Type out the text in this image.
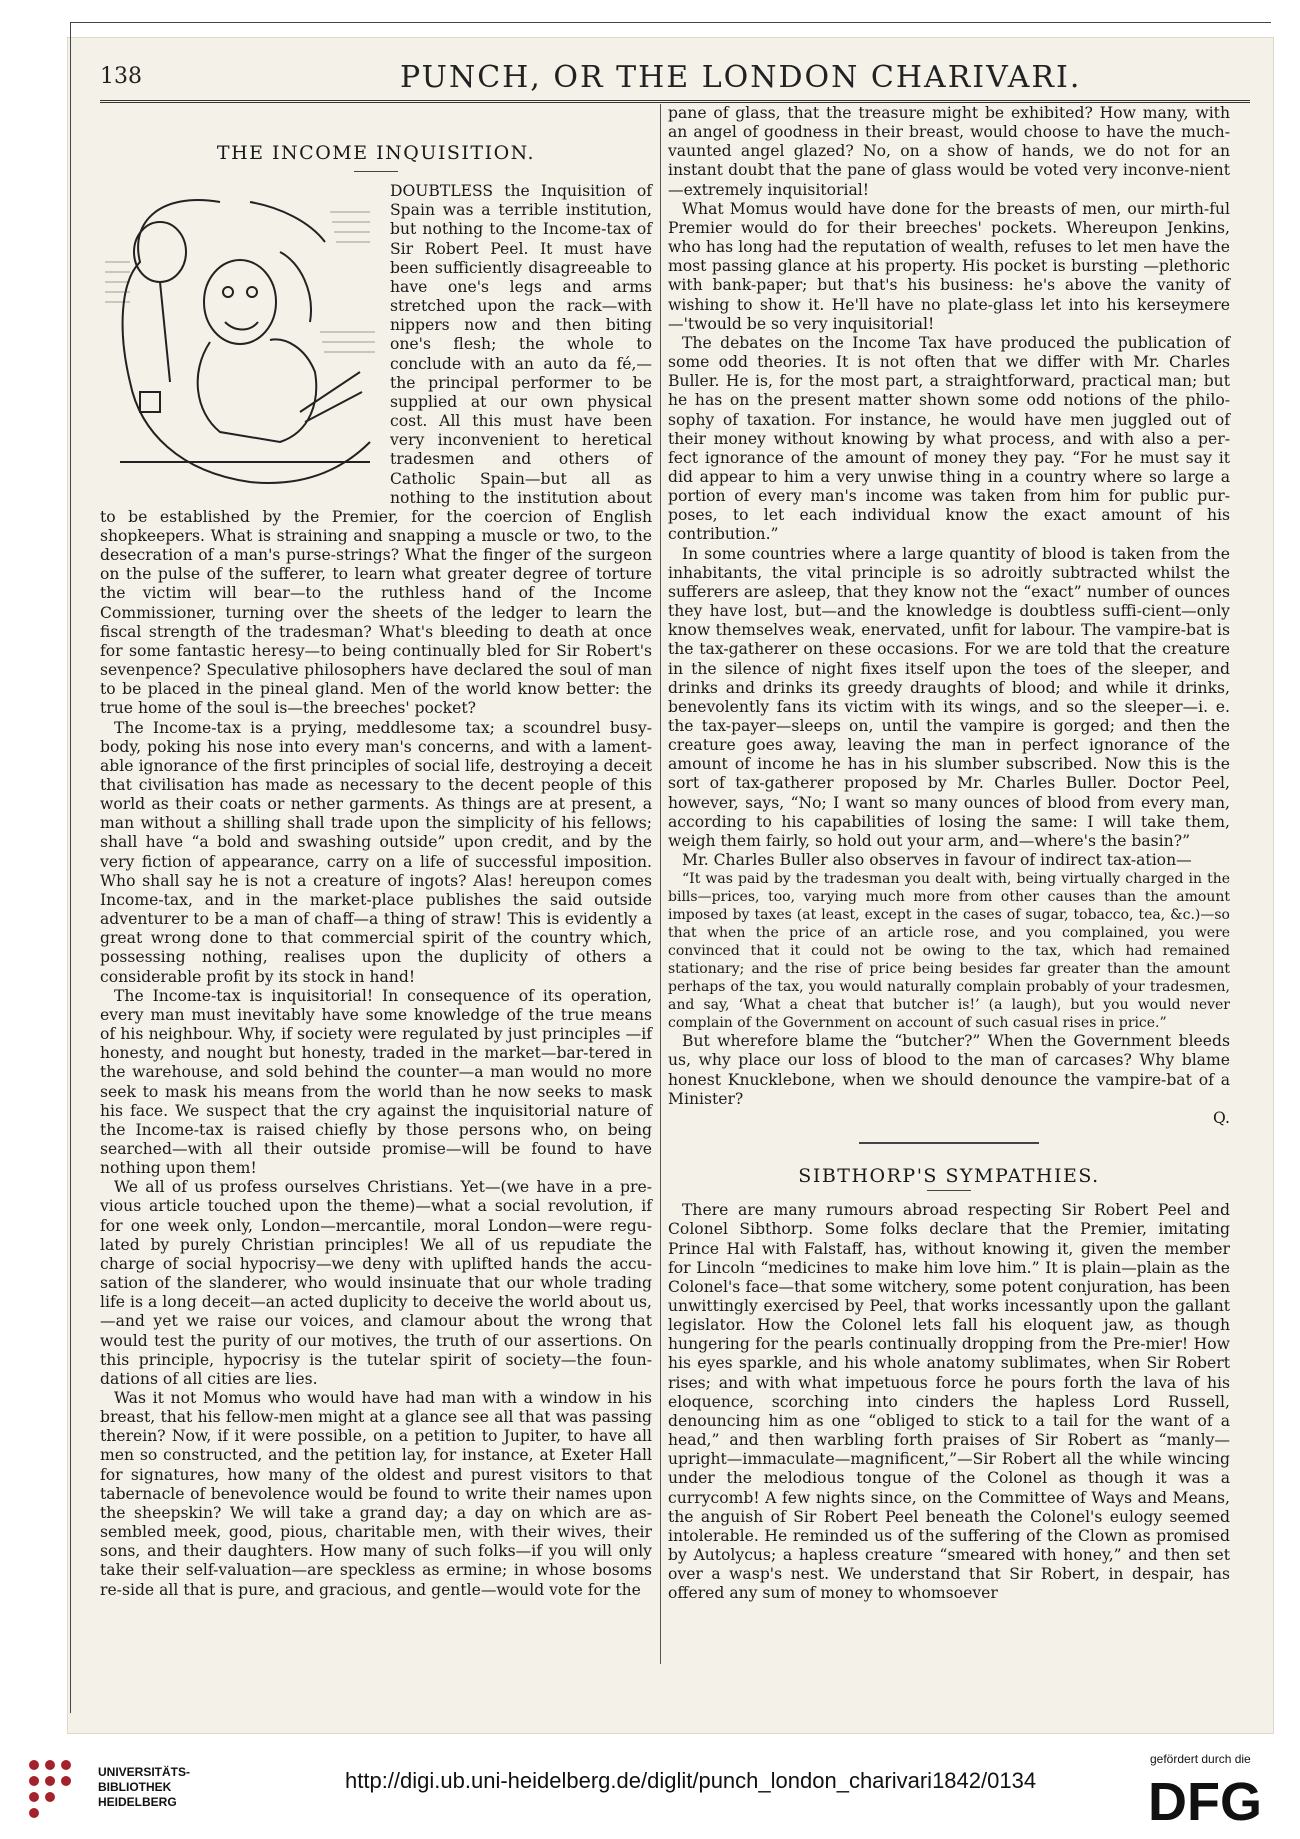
138	PUNCH, OR THE LONDON CHARIVARI.
THE INCOME INQUISITION.

DOUBTLESS the Inquisition of Spain was a terrible institution, but nothing to the Income-tax of Sir Robert Peel. It must have been sufficiently disagreeable to have one's legs and arms stretched upon the rack—with nippers now and then biting one's flesh; the whole to conclude with an auto da fé,—the principal performer to be supplied at our own physical cost. All this must have been very inconvenient to heretical tradesmen and others of Catholic Spain—but all as nothing to the institution about to be established by the Premier, for the coercion of English shopkeepers. What is straining and snapping a muscle or two, to the desecration of a man's purse-strings? What the finger of the surgeon on the pulse of the sufferer, to learn what greater degree of torture the victim will bear—to the ruthless hand of the Income Commissioner, turning over the sheets of the ledger to learn the fiscal strength of the tradesman? What's bleeding to death at once for some fantastic heresy—to being continually bled for Sir Robert's sevenpence? Speculative philosophers have declared the soul of man to be placed in the pineal gland. Men of the world know better: the true home of the soul is—the breeches' pocket?

The Income-tax is a prying, meddlesome tax; a scoundrel busy-body, poking his nose into every man's concerns, and with a lament-able ignorance of the first principles of social life, destroying a deceit that civilisation has made as necessary to the decent people of this world as their coats or nether garments. As things are at present, a man without a shilling shall trade upon the simplicity of his fellows; shall have “a bold and swashing outside” upon credit, and by the very fiction of appearance, carry on a life of successful imposition. Who shall say he is not a creature of ingots? Alas! hereupon comes Income-tax, and in the market-place publishes the said outside adventurer to be a man of chaff—a thing of straw! This is evidently a great wrong done to that commercial spirit of the country which, possessing nothing, realises upon the duplicity of others a considerable profit by its stock in hand!

The Income-tax is inquisitorial! In consequence of its operation, every man must inevitably have some knowledge of the true means of his neighbour. Why, if society were regulated by just principles —if honesty, and nought but honesty, traded in the market—bar-tered in the warehouse, and sold behind the counter—a man would no more seek to mask his means from the world than he now seeks to mask his face. We suspect that the cry against the inquisitorial nature of the Income-tax is raised chiefly by those persons who, on being searched—with all their outside promise—will be found to have nothing upon them!

We all of us profess ourselves Christians. Yet—(we have in a pre-vious article touched upon the theme)—what a social revolution, if for one week only, London—mercantile, moral London—were regu-lated by purely Christian principles! We all of us repudiate the charge of social hypocrisy—we deny with uplifted hands the accu-sation of the slanderer, who would insinuate that our whole trading life is a long deceit—an acted duplicity to deceive the world about us,—and yet we raise our voices, and clamour about the wrong that would test the purity of our motives, the truth of our assertions. On this principle, hypocrisy is the tutelar spirit of society—the foun-dations of all cities are lies.

Was it not Momus who would have had man with a window in his breast, that his fellow-men might at a glance see all that was passing therein? Now, if it were possible, on a petition to Jupiter, to have all men so constructed, and the petition lay, for instance, at Exeter Hall for signatures, how many of the oldest and purest visitors to that tabernacle of benevolence would be found to write their names upon the sheepskin? We will take a grand day; a day on which are as-sembled meek, good, pious, charitable men, with their wives, their sons, and their daughters. How many of such folks—if you will only take their self-valuation—are speckless as ermine; in whose bosoms re-side all that is pure, and gracious, and gentle—would vote for the

pane of glass, that the treasure might be exhibited? How many, with an angel of goodness in their breast, would choose to have the much-vaunted angel glazed? No, on a show of hands, we do not for an instant doubt that the pane of glass would be voted very inconve-nient—extremely inquisitorial!

What Momus would have done for the breasts of men, our mirth-ful Premier would do for their breeches' pockets. Whereupon Jenkins, who has long had the reputation of wealth, refuses to let men have the most passing glance at his property. His pocket is bursting —plethoric with bank-paper; but that's his business: he's above the vanity of wishing to show it. He'll have no plate-glass let into his kerseymere—'twould be so very inquisitorial!

The debates on the Income Tax have produced the publication of some odd theories. It is not often that we differ with Mr. Charles Buller. He is, for the most part, a straightforward, practical man; but he has on the present matter shown some odd notions of the philo-sophy of taxation. For instance, he would have men juggled out of their money without knowing by what process, and with also a per-fect ignorance of the amount of money they pay. “For he must say it did appear to him a very unwise thing in a country where so large a portion of every man's income was taken from him for public pur-poses, to let each individual know the exact amount of his contribution.”

In some countries where a large quantity of blood is taken from the inhabitants, the vital principle is so adroitly subtracted whilst the sufferers are asleep, that they know not the “exact” number of ounces they have lost, but—and the knowledge is doubtless suffi-cient—only know themselves weak, enervated, unfit for labour. The vampire-bat is the tax-gatherer on these occasions. For we are told that the creature in the silence of night fixes itself upon the toes of the sleeper, and drinks and drinks its greedy draughts of blood; and while it drinks, benevolently fans its victim with its wings, and so the sleeper—i. e. the tax-payer—sleeps on, until the vampire is gorged; and then the creature goes away, leaving the man in perfect ignorance of the amount of income he has in his slumber subscribed. Now this is the sort of tax-gatherer proposed by Mr. Charles Buller. Doctor Peel, however, says, “No; I want so many ounces of blood from every man, according to his capabilities of losing the same: I will take them, weigh them fairly, so hold out your arm, and—where's the basin?”

Mr. Charles Buller also observes in favour of indirect tax-ation—

“It was paid by the tradesman you dealt with, being virtually charged in the bills—prices, too, varying much more from other causes than the amount imposed by taxes (at least, except in the cases of sugar, tobacco, tea, &c.)—so that when the price of an article rose, and you complained, you were convinced that it could not be owing to the tax, which had remained stationary; and the rise of price being besides far greater than the amount perhaps of the tax, you would naturally complain probably of your tradesmen, and say, ‘What a cheat that butcher is!’ (a laugh), but you would never complain of the Government on account of such casual rises in price.”

But wherefore blame the “butcher?” When the Government bleeds us, why place our loss of blood to the man of carcases? Why blame honest Knucklebone, when we should denounce the vampire-bat of a Minister?

Q.

SIBTHORP'S SYMPATHIES.

There are many rumours abroad respecting Sir Robert Peel and Colonel Sibthorp. Some folks declare that the Premier, imitating Prince Hal with Falstaff, has, without knowing it, given the member for Lincoln “medicines to make him love him.” It is plain—plain as the Colonel's face—that some witchery, some potent conjuration, has been unwittingly exercised by Peel, that works incessantly upon the gallant legislator. How the Colonel lets fall his eloquent jaw, as though hungering for the pearls continually dropping from the Pre-mier! How his eyes sparkle, and his whole anatomy sublimates, when Sir Robert rises; and with what impetuous force he pours forth the lava of his eloquence, scorching into cinders the hapless Lord Russell, denouncing him as one “obliged to stick to a tail for the want of a head,” and then warbling forth praises of Sir Robert as “manly—upright—immaculate—magnificent,”—Sir Robert all the while wincing under the melodious tongue of the Colonel as though it was a currycomb! A few nights since, on the Committee of Ways and Means, the anguish of Sir Robert Peel beneath the Colonel's eulogy seemed intolerable. He reminded us of the suffering of the Clown as promised by Autolycus; a hapless creature “smeared with honey,” and then set over a wasp's nest. We understand that Sir Robert, in despair, has offered any sum of money to whomsoever

UNIVERSITÄTS-
BIBLIOTHEK
HEIDELBERG
http://digi.ub.uni-heidelberg.de/diglit/punch_london_charivari1842/0134
gefördert durch die
DFG
